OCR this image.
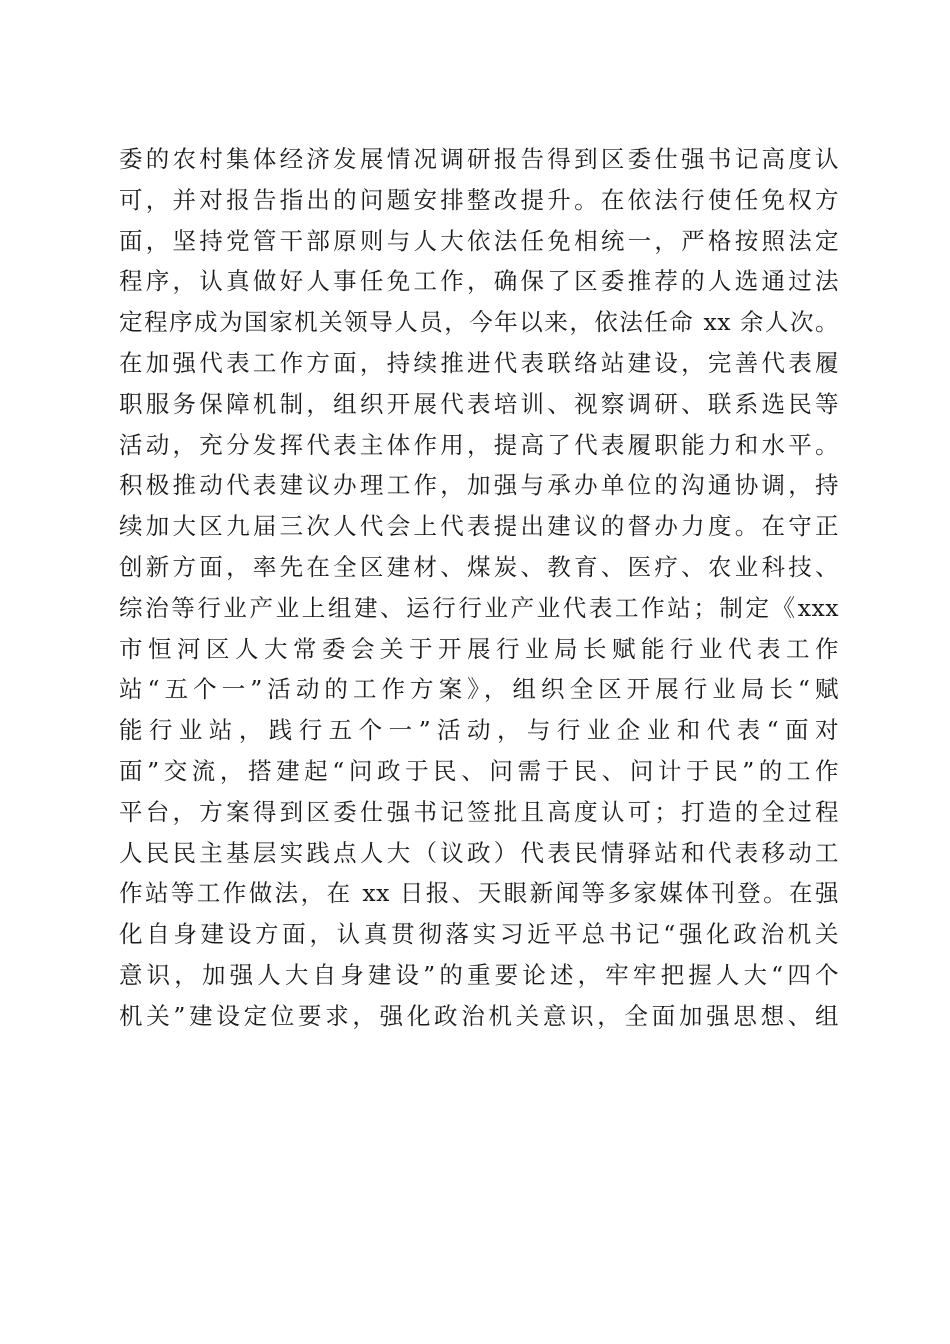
委的农村集体经济发展情况调研报告得到区委仕强书记高度认
可，并对报告指出的问题安排整改提升。在依法行使任免权方
面，坚持党管干部原则与人大依法任免相统一，严格按照法定
程序，认真做好人事任免工作，确保了区委推荐的人选通过法
定程序成为国家机关领导人员，今年以来，依法任命 xx 余人次。
在加强代表工作方面，持续推进代表联络站建设，完善代表履
职服务保障机制，组织开展代表培训、视察调研、联系选民等
活动，充分发挥代表主体作用，提高了代表履职能力和水平。
积极推动代表建议办理工作，加强与承办单位的沟通协调，持
续加大区九届三次人代会上代表提出建议的督办力度。在守正
创新方面，率先在全区建材、煤炭、教育、医疗、农业科技、
综治等行业产业上组建、运行行业产业代表工作站；制定《xxx
市恒河区人大常委会关于开展行业局长赋能行业代表工作
站“五个一”活动的工作方案》，组织全区开展行业局长“赋
能行业站，践行五个一”活动，与行业企业和代表“面对
面”交流，搭建起“问政于民、问需于民、问计于民”的工作
平台，方案得到区委仕强书记签批且高度认可；打造的全过程
人民民主基层实践点人大（议政）代表民情驿站和代表移动工
作站等工作做法，在 xx 日报、天眼新闻等多家媒体刊登。在强
化自身建设方面，认真贯彻落实习近平总书记“强化政治机关
意识，加强人大自身建设”的重要论述，牢牢把握人大“四个
机关”建设定位要求，强化政治机关意识，全面加强思想、组
